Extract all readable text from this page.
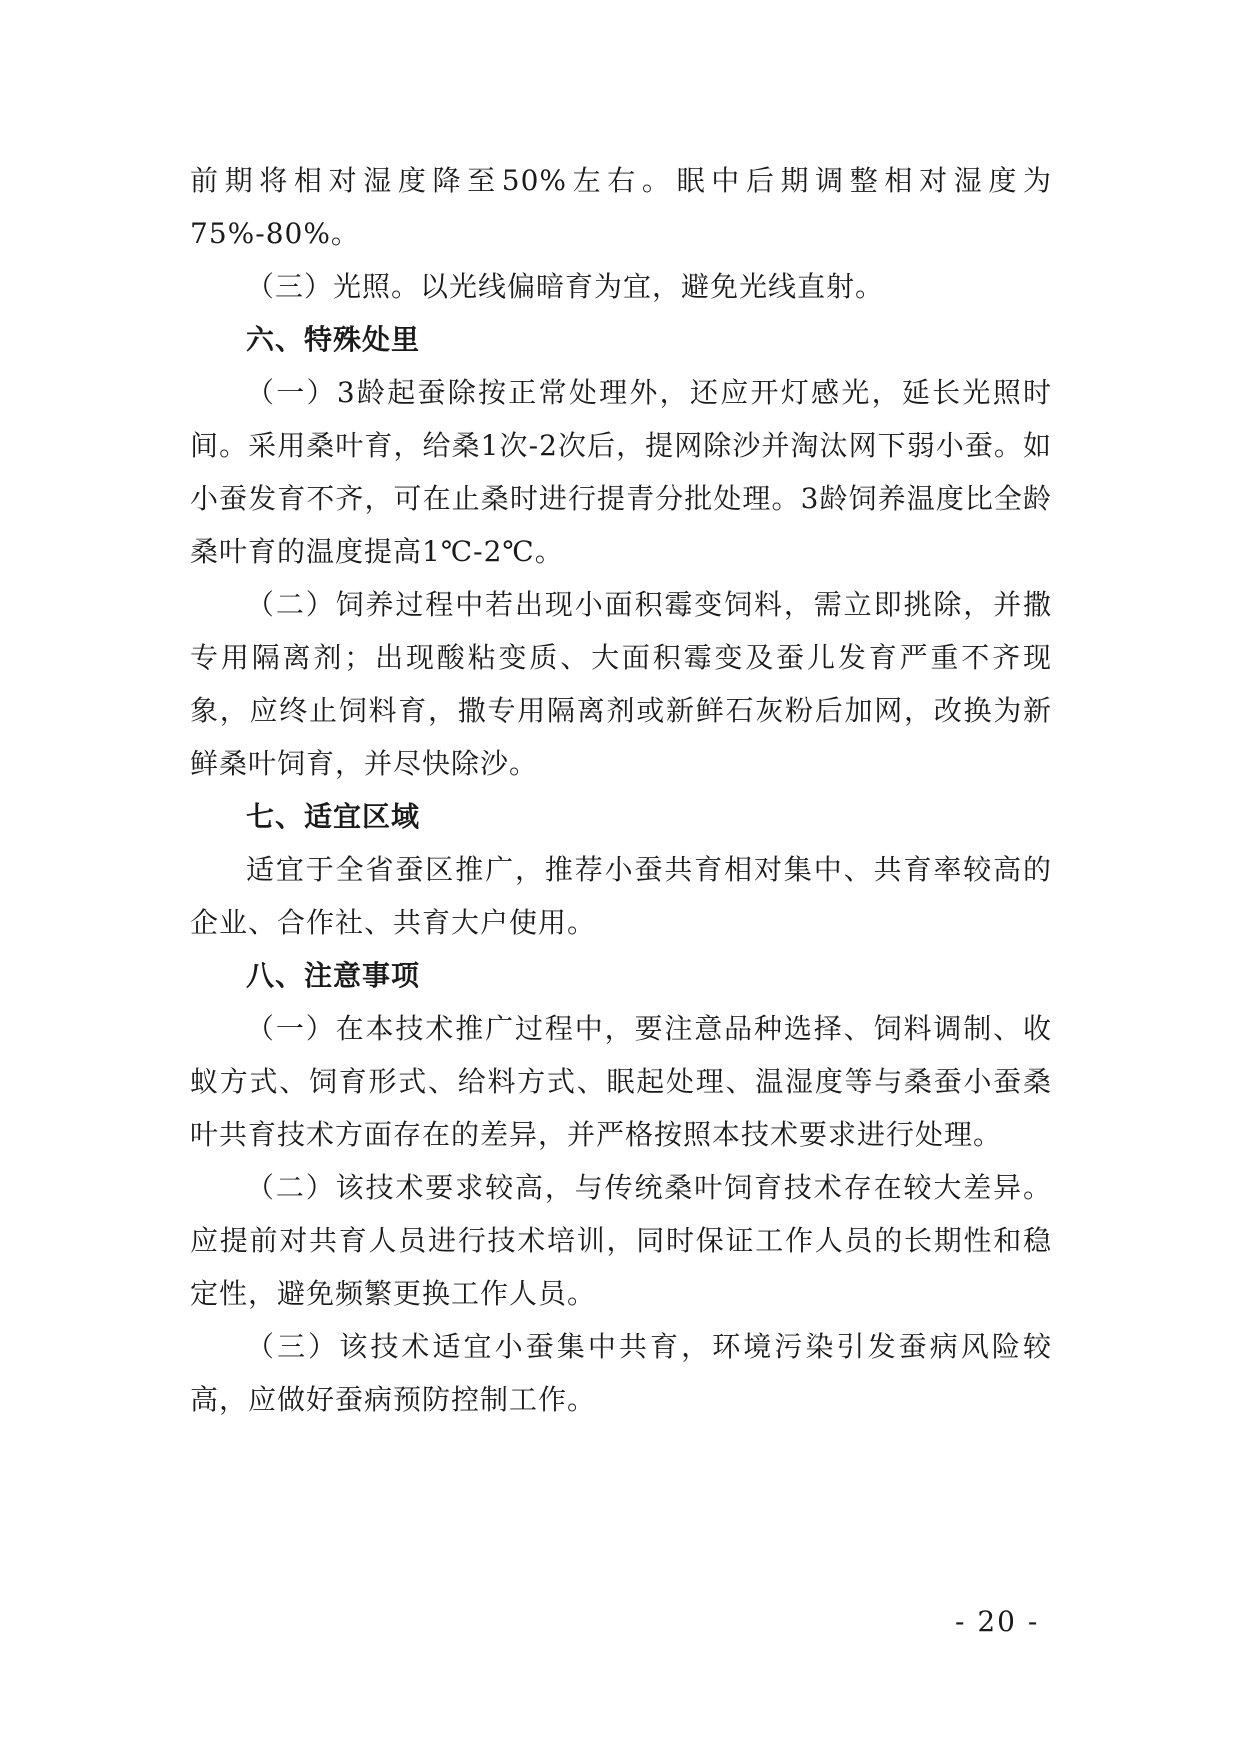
前期将相对湿度降至50%左右。眠中后期调整相对湿度为75%-80%。

（三）光照。以光线偏暗育为宜，避免光线直射。

六、特殊处里

（一）3龄起蚕除按正常处理外，还应开灯感光，延长光照时间。采用桑叶育，给桑1次-2次后，提网除沙并淘汰网下弱小蚕。如小蚕发育不齐，可在止桑时进行提青分批处理。3龄饲养温度比全龄桑叶育的温度提高1℃-2℃。

（二）饲养过程中若出现小面积霉变饲料，需立即挑除，并撒专用隔离剂；出现酸粘变质、大面积霉变及蚕儿发育严重不齐现象，应终止饲料育，撒专用隔离剂或新鲜石灰粉后加网，改换为新鲜桑叶饲育，并尽快除沙。

七、适宜区域

适宜于全省蚕区推广，推荐小蚕共育相对集中、共育率较高的企业、合作社、共育大户使用。

八、注意事项

（一）在本技术推广过程中，要注意品种选择、饲料调制、收蚁方式、饲育形式、给料方式、眠起处理、温湿度等与桑蚕小蚕桑叶共育技术方面存在的差异，并严格按照本技术要求进行处理。

（二）该技术要求较高，与传统桑叶饲育技术存在较大差异。应提前对共育人员进行技术培训，同时保证工作人员的长期性和稳定性，避免频繁更换工作人员。

（三）该技术适宜小蚕集中共育，环境污染引发蚕病风险较高，应做好蚕病预防控制工作。

- 20 -
